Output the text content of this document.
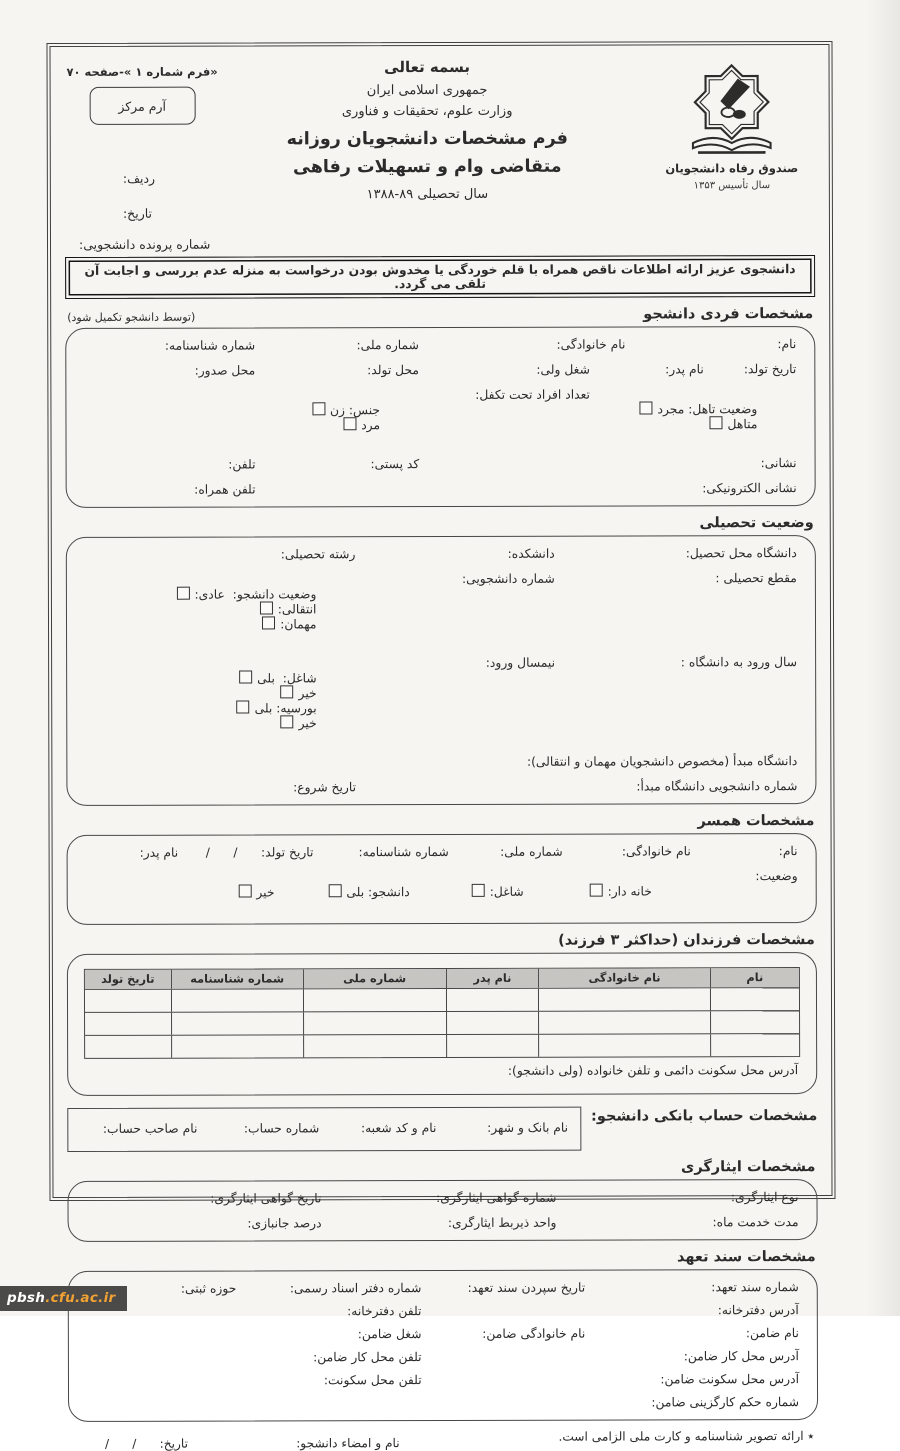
صندوق رفاه دانشجویان
سال تأسیس ۱۳۵۳
بسمه تعالی
جمهوری اسلامی ایران
وزارت علوم، تحقیقات و فناوری
فرم مشخصات دانشجویان روزانه
متقاضی وام و تسهیلات رفاهی
سال تحصیلی ۱۳۸۸-۸۹
«فرم شماره ۱ »-صفحه ۷۰
آرم مرکز
ردیف:
تاریخ:
شماره پرونده دانشجویی:
دانشجوی عزیز ارائه اطلاعات ناقص همراه با قلم خوردگی یا مخدوش بودن درخواست به منزله عدم بررسی و اجابت آن تلقی می گردد.
مشخصات فردی دانشجو
(توسط دانشجو تکمیل شود)
نام:
نام خانوادگی:
شماره ملی:
شماره شناسنامه:
تاریخ تولد:
نام پدر:
شغل ولی:
محل تولد:
محل صدور:

وضعیت تاهل: مجرد
متاهل

تعداد افراد تحت تکفل:

جنس: زن
مرد

نشانی:
کد پستی:
تلفن:
نشانی الکترونیکی:
تلفن همراه:
وضعیت تحصیلی
دانشگاه محل تحصیل:
دانشکده:
رشته تحصیلی:
مقطع تحصیلی :
شماره دانشجویی:

وضعیت دانشجو:  عادی:
انتقالی:
مهمان:

سال ورود به دانشگاه :
نیمسال ورود:

شاغل:  بلی
خیر
بورسیه: بلی
خیر

دانشگاه مبدأ (مخصوص دانشجویان مهمان و انتقالی):
شماره دانشجویی دانشگاه مبدأ:
تاریخ شروع:
مشخصات همسر
نام:
نام خانوادگی:
شماره ملی:
شماره شناسنامه:
تاریخ تولد:      /      /
نام پدر:
وضعیت:

خانه دار:

شاغل:

دانشجو: بلی

خیر

مشخصات فرزندان (حداکثر ۳ فرزند)
نام
نام خانوادگی
نام پدر
شماره ملی
شماره شناسنامه
تاریخ تولد
آدرس محل سکونت دائمی و تلفن خانواده (ولی دانشجو):
مشخصات حساب بانکی دانشجو:
نام بانک و شهر:
نام و کد شعبه:
شماره حساب:
نام صاحب حساب:
مشخصات ایثارگری
نوع ایثارگری:
شماره گواهی ایثارگری:
تاریخ گواهی ایثارگری:
مدت خدمت ماه:
واحد ذیربط ایثارگری:
درصد جانبازی:
مشخصات سند تعهد
شماره سند تعهد:
تاریخ سپردن سند تعهد:
شماره دفتر اسناد رسمی:
حوزه ثبتی:
آدرس دفترخانه:
تلفن دفترخانه:
نام ضامن:
نام خانوادگی ضامن:
شغل ضامن:
آدرس محل کار ضامن:
تلفن محل کار ضامن:
آدرس محل سکونت ضامن:
تلفن محل سکونت:
شماره حکم کارگزینی ضامن:
٭ ارائه تصویر شناسنامه و کارت ملی الزامی است.
نام و امضاء دانشجو:
تاریخ:      /      /
pbsh.cfu.ac.ir
